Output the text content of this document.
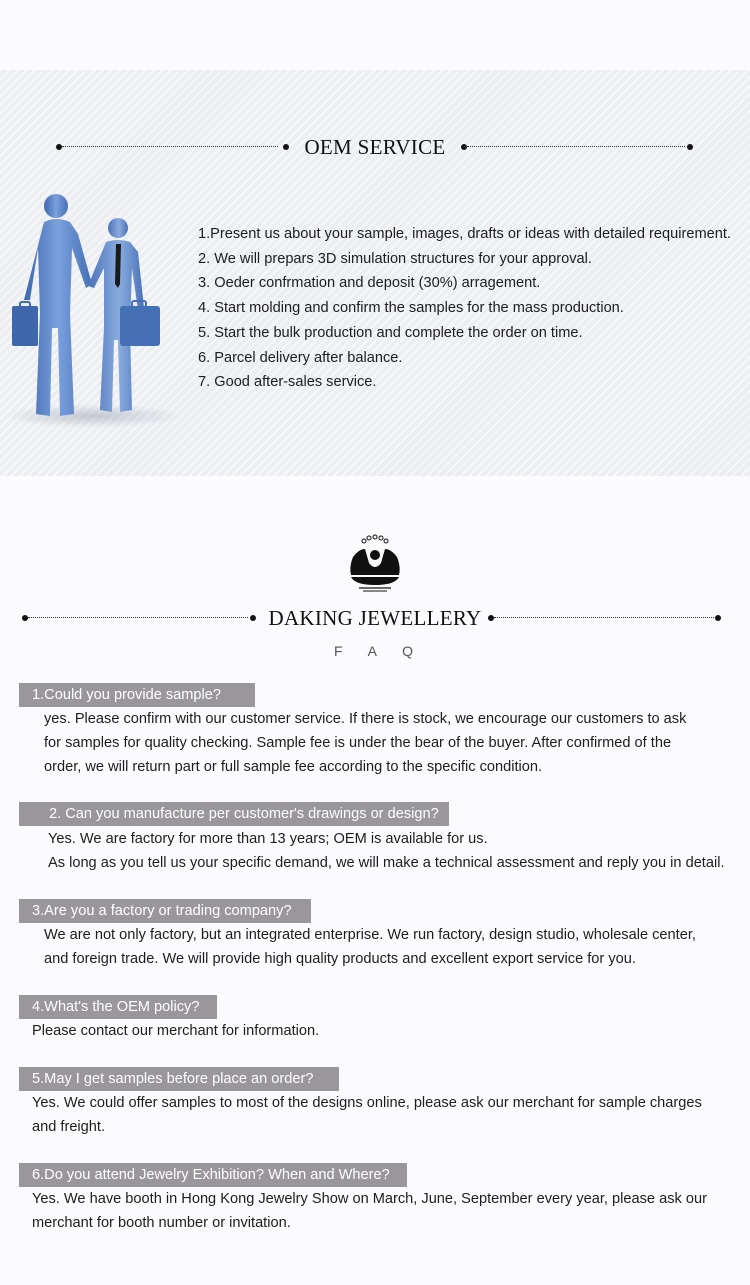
OEM SERVICE
1.Present us about your sample, images, drafts or ideas with detailed requirement.
2. We will prepars 3D simulation structures for your approval.
3. Oeder confrmation and deposit (30%) arragement.
4. Start molding and confirm the samples for the mass production.
5. Start the bulk production and complete the order on time.
6. Parcel delivery after balance.
7. Good after-sales service.
DAKING JEWELLERY
F A Q
1.Could you provide sample?

yes. Please confirm with our customer service. If there is stock, we encourage our customers to ask

for samples for quality checking. Sample fee is under the bear of the buyer. After confirmed of the

order, we will return part or full sample fee according to the specific condition.

2. Can you manufacture per customer's drawings or design?

Yes. We are factory for more than 13 years; OEM is available for us.

As long as you tell us your specific demand, we will make a technical assessment and reply you in detail.

3.Are you a factory or trading company?

We are not only factory, but an integrated enterprise. We run factory, design studio, wholesale center,

and foreign trade. We will provide high quality products and excellent export service for you.

4.What's the OEM policy?

Please contact our merchant for information.

5.May I get samples before place an order?

Yes. We could offer samples to most of the designs online, please ask our merchant for sample charges

and freight.

6.Do you attend Jewelry Exhibition? When and Where?

Yes. We have booth in Hong Kong Jewelry Show on March, June, September every year, please ask our

merchant for booth number or invitation.
